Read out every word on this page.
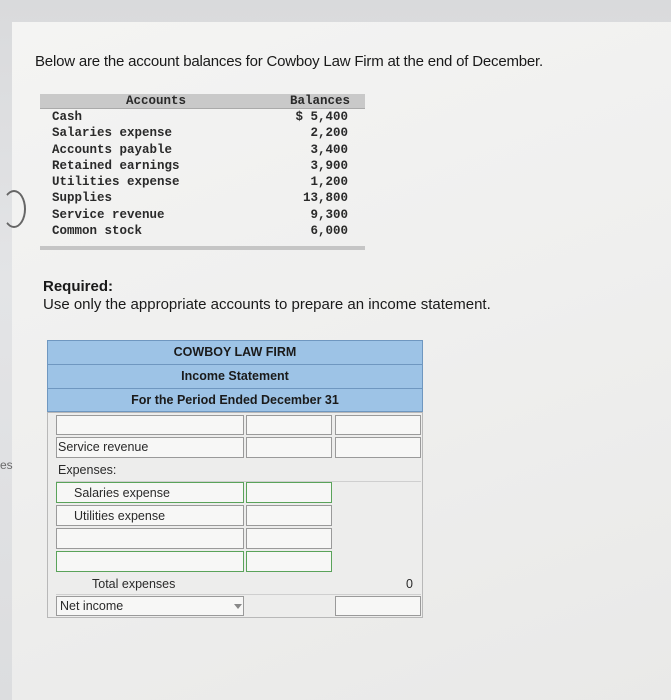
es
Below are the account balances for Cowboy Law Firm at the end of December.
Accounts	Balances
Cash	$ 5,400
Salaries expense	2,200
Accounts payable	3,400
Retained earnings	3,900
Utilities expense	1,200
Supplies	13,800
Service revenue	9,300
Common stock	6,000
Required:
Use only the appropriate accounts to prepare an income statement.
COWBOY LAW FIRM
Income Statement
For the Period Ended December 31
Service revenue
Expenses:
Salaries expense
Utilities expense
Total expenses	0
Net income
